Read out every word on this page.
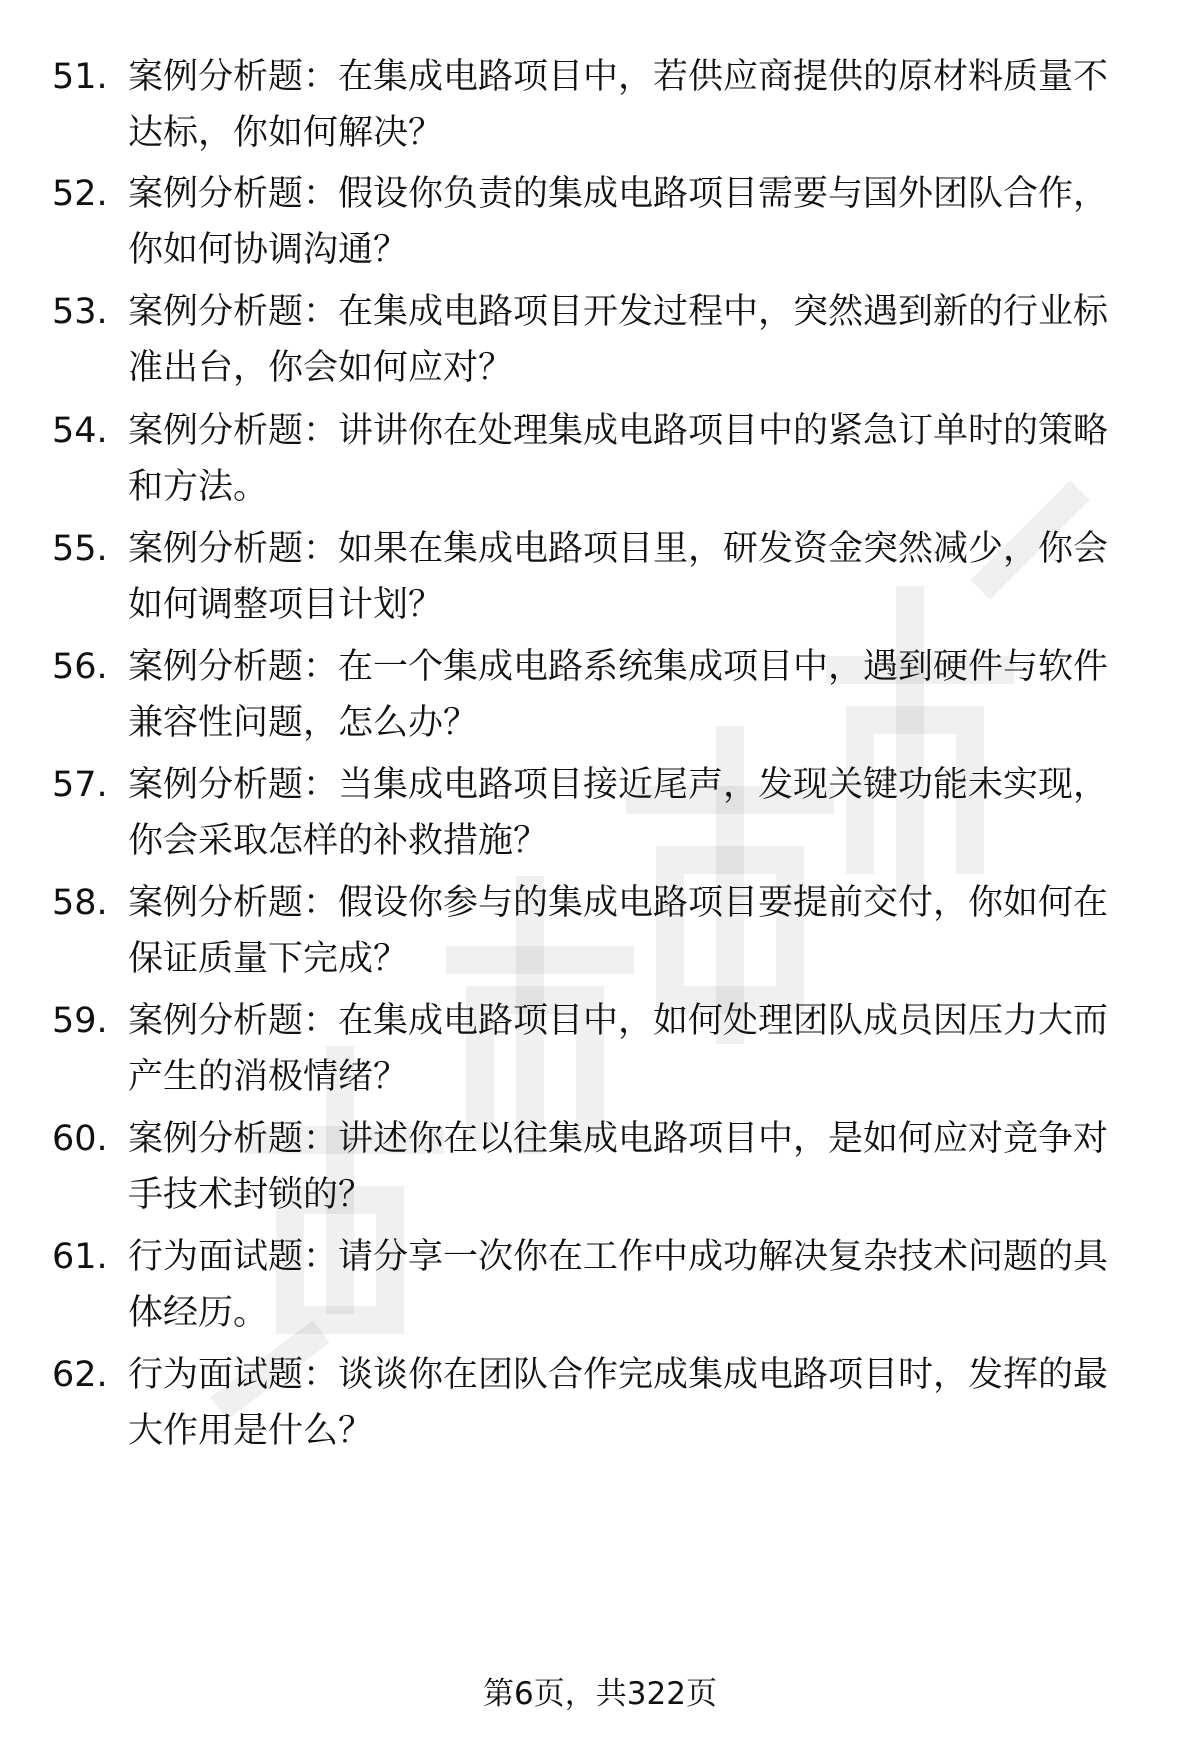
51. 案例分析题：在集成电路项目中，若供应商提供的原材料质量不达标，你如何解决？
52. 案例分析题：假设你负责的集成电路项目需要与国外团队合作，你如何协调沟通？
53. 案例分析题：在集成电路项目开发过程中，突然遇到新的行业标准出台，你会如何应对？
54. 案例分析题：讲讲你在处理集成电路项目中的紧急订单时的策略和方法。
55. 案例分析题：如果在集成电路项目里，研发资金突然减少，你会如何调整项目计划？
56. 案例分析题：在一个集成电路系统集成项目中，遇到硬件与软件兼容性问题，怎么办？
57. 案例分析题：当集成电路项目接近尾声，发现关键功能未实现，你会采取怎样的补救措施？
58. 案例分析题：假设你参与的集成电路项目要提前交付，你如何在保证质量下完成？
59. 案例分析题：在集成电路项目中，如何处理团队成员因压力大而产生的消极情绪？
60. 案例分析题：讲述你在以往集成电路项目中，是如何应对竞争对手技术封锁的？
61. 行为面试题：请分享一次你在工作中成功解决复杂技术问题的具体经历。
62. 行为面试题：谈谈你在团队合作完成集成电路项目时，发挥的最大作用是什么？
第6页，共322页
